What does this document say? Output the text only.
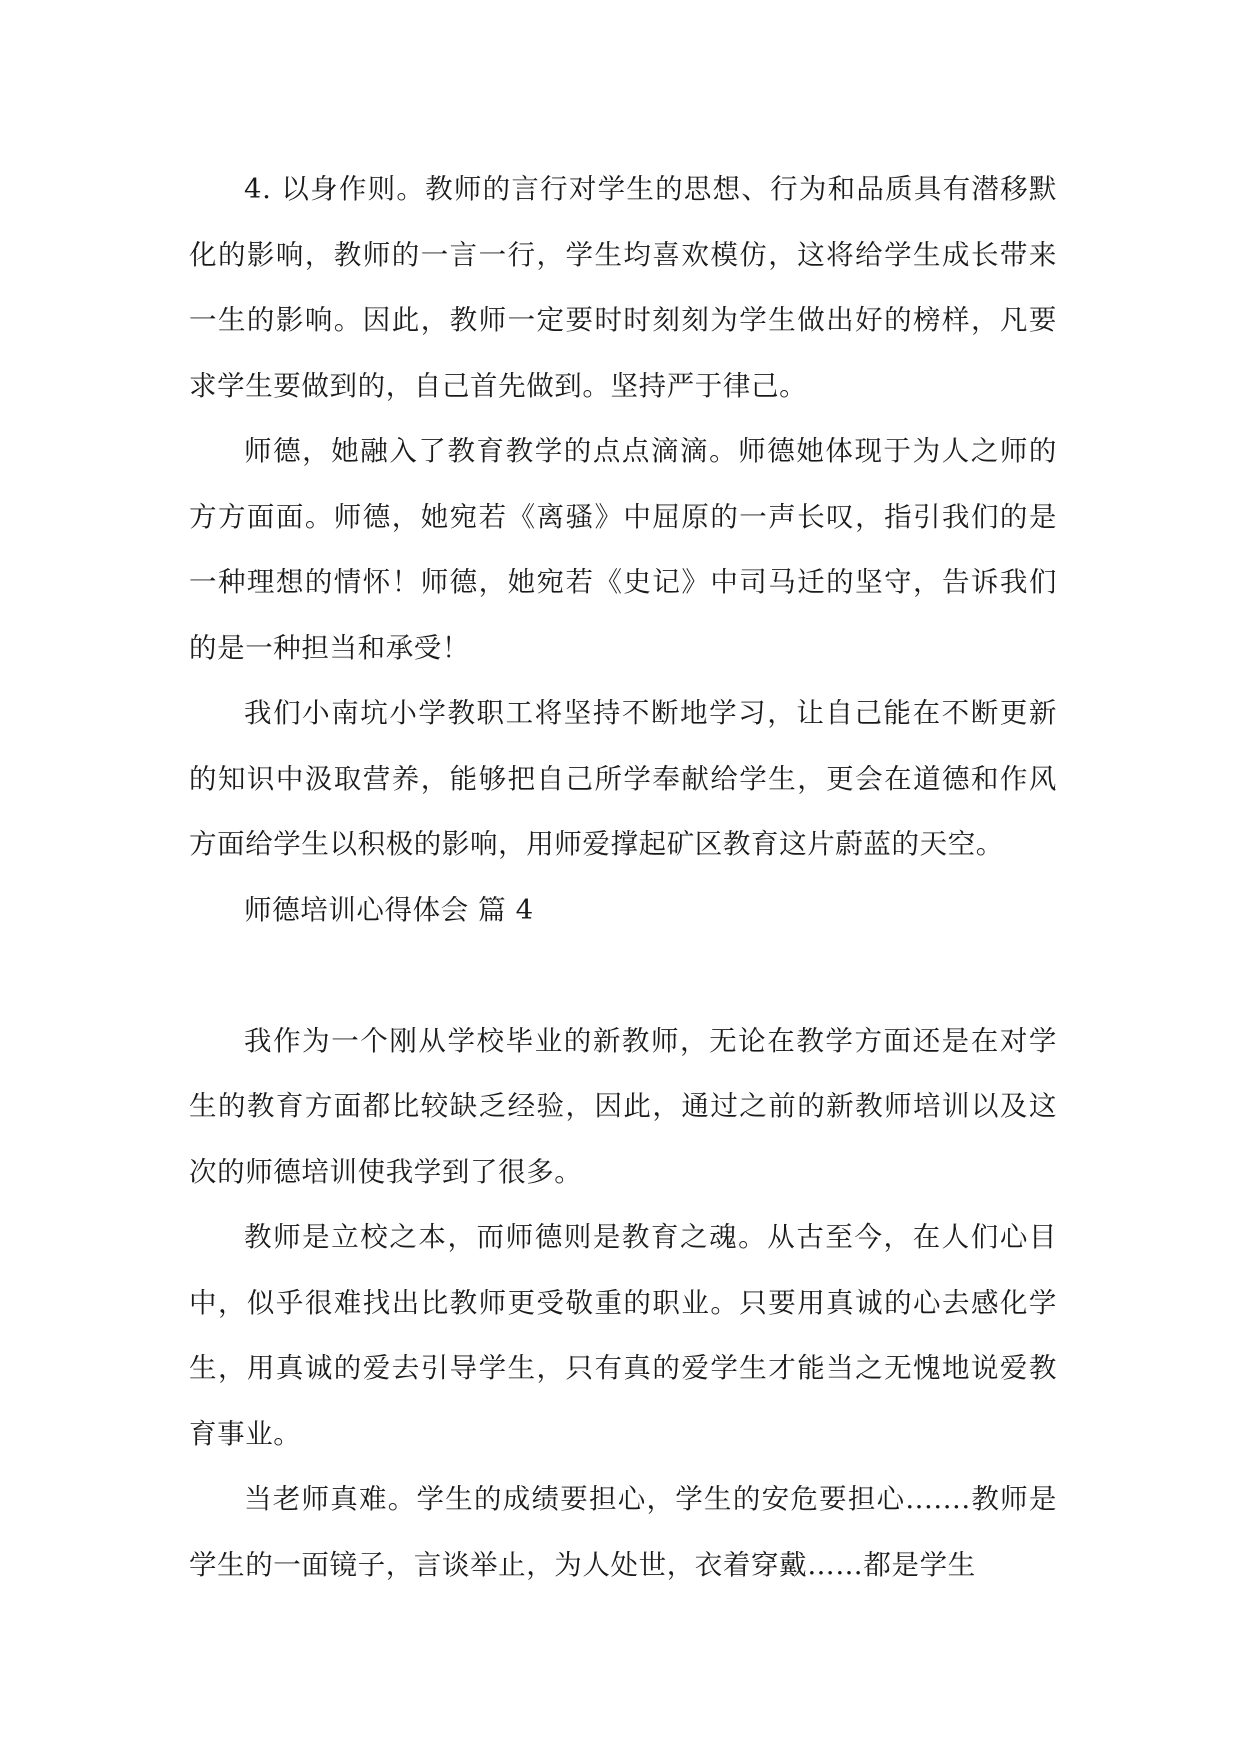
4. 以身作则。教师的言行对学生的思想、行为和品质具有潜移默化的影响，教师的一言一行，学生均喜欢模仿，这将给学生成长带来一生的影响。因此，教师一定要时时刻刻为学生做出好的榜样，凡要求学生要做到的，自己首先做到。坚持严于律己。

师德，她融入了教育教学的点点滴滴。师德她体现于为人之师的方方面面。师德，她宛若《离骚》中屈原的一声长叹，指引我们的是一种理想的情怀！师德，她宛若《史记》中司马迁的坚守，告诉我们的是一种担当和承受！

我们小南坑小学教职工将坚持不断地学习，让自己能在不断更新的知识中汲取营养，能够把自己所学奉献给学生，更会在道德和作风方面给学生以积极的影响，用师爱撑起矿区教育这片蔚蓝的天空。

师德培训心得体会 篇 4

我作为一个刚从学校毕业的新教师，无论在教学方面还是在对学生的教育方面都比较缺乏经验，因此，通过之前的新教师培训以及这次的师德培训使我学到了很多。

教师是立校之本，而师德则是教育之魂。从古至今，在人们心目中，似乎很难找出比教师更受敬重的职业。只要用真诚的心去感化学生，用真诚的爱去引导学生，只有真的爱学生才能当之无愧地说爱教育事业。

当老师真难。学生的成绩要担心，学生的安危要担心.......教师是学生的一面镜子，言谈举止，为人处世，衣着穿戴……都是学生
